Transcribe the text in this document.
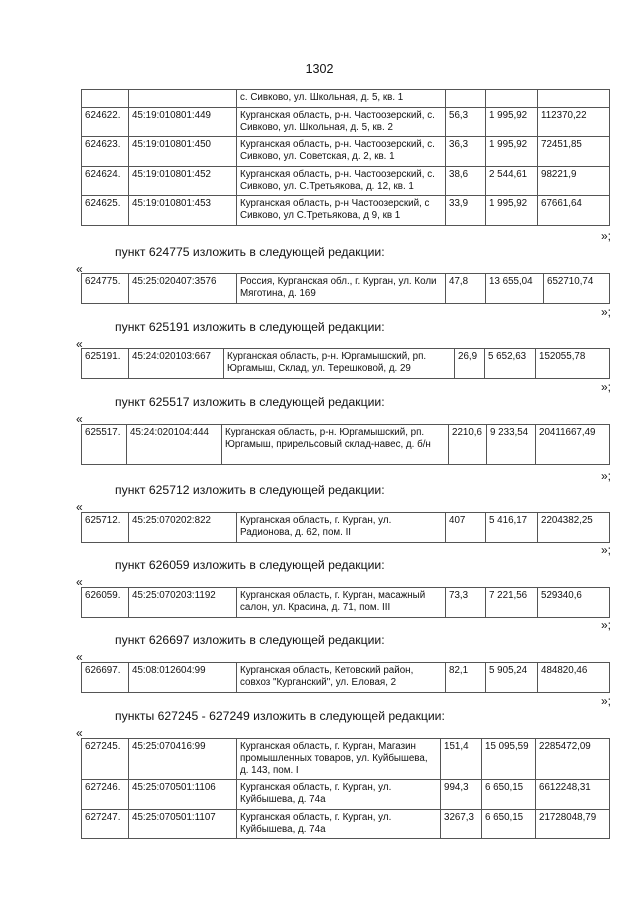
1302
		с. Сивково, ул. Школьная, д. 5, кв. 1			
624622.	45:19:010801:449	Курганская область, р-н. Частоозерский, с. Сивково, ул. Школьная, д. 5, кв. 2	56,3	1 995,92	112370,22
624623.	45:19:010801:450	Курганская область, р-н. Частоозерский, с. Сивково, ул. Советская, д. 2, кв. 1	36,3	1 995,92	72451,85
624624.	45:19:010801:452	Курганская область, р-н. Частоозерский, с. Сивково, ул. С.Третьякова, д. 12, кв. 1	38,6	2 544,61	98221,9
624625.	45:19:010801:453	Курганская область, р-н Частоозерский, с Сивково, ул С.Третьякова, д 9, кв 1	33,9	1 995,92	67661,64
»;
пункт 624775 изложить в следующей редакции:
«
624775.	45:25:020407:3576	Россия, Курганская обл., г. Курган, ул. Коли Мяготина, д. 169	47,8	13 655,04	652710,74
»;
пункт 625191 изложить в следующей редакции:
«
625191.	45:24:020103:667	Курганская область, р-н. Юргамышский, рп. Юргамыш, Склад, ул. Терешковой, д. 29	26,9	5 652,63	152055,78
»;
пункт 625517 изложить в следующей редакции:
«
625517.	45:24:020104:444	Курганская область, р-н. Юргамышский, рп. Юргамыш, прирельсовый склад-навес, д. б/н	2210,6	9 233,54	20411667,49
»;
пункт 625712 изложить в следующей редакции:
«
625712.	45:25:070202:822	Курганская область, г. Курган, ул. Радионова, д. 62, пом. II	407	5 416,17	2204382,25
»;
пункт 626059 изложить в следующей редакции:
«
626059.	45:25:070203:1192	Курганская область, г. Курган, масажный салон, ул. Красина, д. 71, пом. III	73,3	7 221,56	529340,6
»;
пункт 626697 изложить в следующей редакции:
«
626697.	45:08:012604:99	Курганская область, Кетовский район, совхоз "Курганский", ул. Еловая, 2	82,1	5 905,24	484820,46
»;
пункты 627245 - 627249 изложить в следующей редакции:
«
627245.	45:25:070416:99	Курганская область, г. Курган, Магазин промышленных товаров, ул. Куйбышева, д. 143, пом. I	151,4	15 095,59	2285472,09
627246.	45:25:070501:1106	Курганская область, г. Курган, ул. Куйбышева, д. 74а	994,3	6 650,15	6612248,31
627247.	45:25:070501:1107	Курганская область, г. Курган, ул. Куйбышева, д. 74а	3267,3	6 650,15	21728048,79
